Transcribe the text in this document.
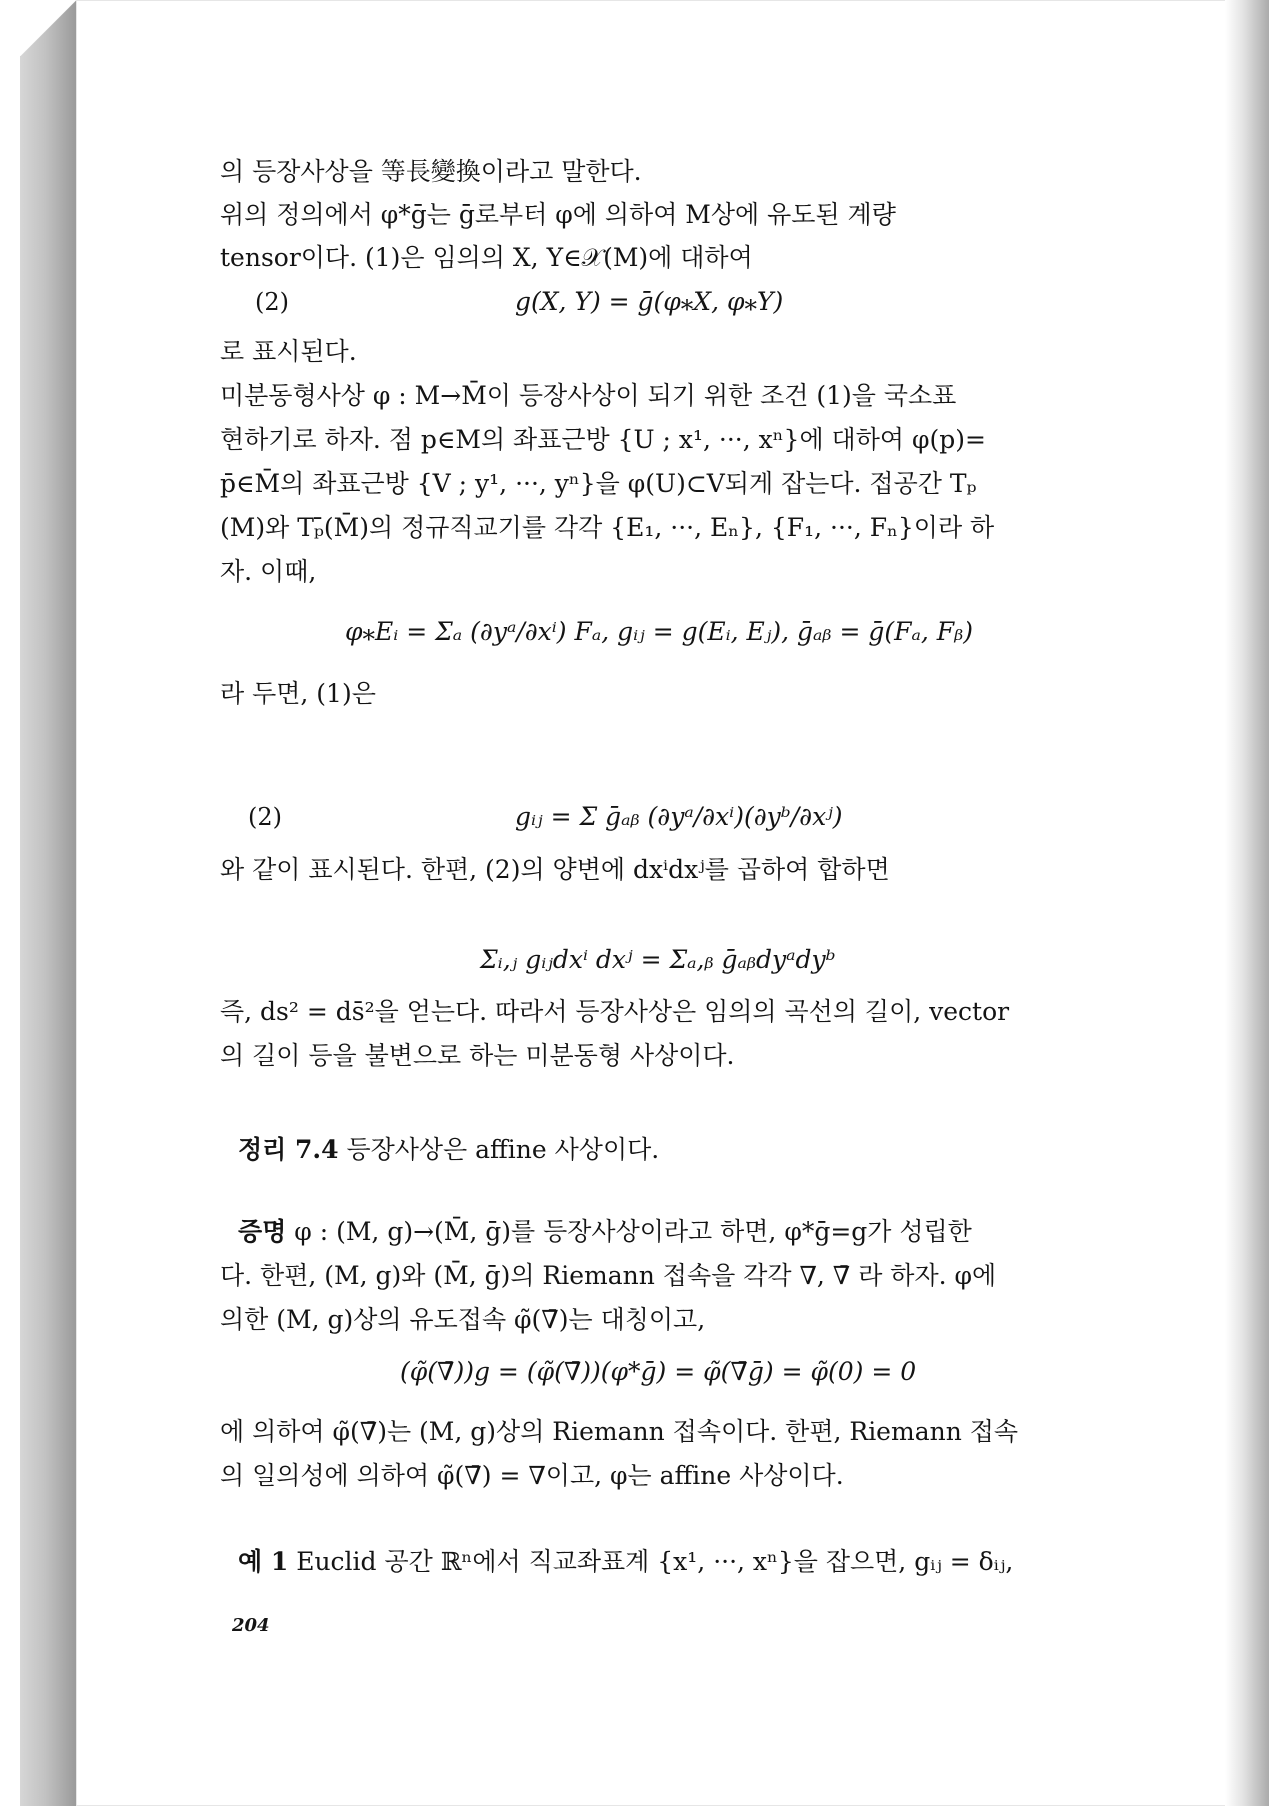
의 등장사상을 等長變換이라고 말한다.
위의 정의에서 φ*ḡ는 ḡ로부터 φ에 의하여 M상에 유도된 계량
tensor이다. (1)은 임의의 X, Y∈𝒳(M)에 대하여
(2)	g(X, Y) = ḡ(φ⁎X, φ⁎Y)
로 표시된다.
미분동형사상 φ : M→M̄이 등장사상이 되기 위한 조건 (1)을 국소표
현하기로 하자. 점 p∈M의 좌표근방 {U ; x¹, ···, xⁿ}에 대하여 φ(p)=
p̄∈M̄의 좌표근방 {V ; y¹, ···, yⁿ}을 φ(U)⊂V되게 잡는다. 접공간 Tₚ
(M)와 Tₚ̄(M̄)의 정규직교기를 각각 {E₁, ···, Eₙ}, {F₁, ···, Fₙ}이라 하
자. 이때,
φ⁎Eᵢ = Σₐ (∂yᵃ/∂xⁱ) Fₐ, gᵢⱼ = g(Eᵢ, Eⱼ), ḡₐᵦ = ḡ(Fₐ, Fᵦ)
라 두면, (1)은
(2)	gᵢⱼ = Σ ḡₐᵦ (∂yᵃ/∂xⁱ)(∂yᵇ/∂xʲ)
와 같이 표시된다. 한편, (2)의 양변에 dxⁱdxʲ를 곱하여 합하면
Σᵢ,ⱼ gᵢⱼdxⁱ dxʲ = Σₐ,ᵦ ḡₐᵦdyᵃdyᵇ
즉, ds² = ds̄²을 얻는다. 따라서 등장사상은 임의의 곡선의 길이, vector
의 길이 등을 불변으로 하는 미분동형 사상이다.
정리 7.4 등장사상은 affine 사상이다.
증명 φ : (M, g)→(M̄, ḡ)를 등장사상이라고 하면, φ*ḡ=g가 성립한
다. 한편, (M, g)와 (M̄, ḡ)의 Riemann 접속을 각각 ∇, ∇̄ 라 하자. φ에
의한 (M, g)상의 유도접속 φ̃(∇̄)는 대칭이고,
(φ̃(∇̄))g = (φ̃(∇̄))(φ*ḡ) = φ̃(∇̄ḡ) = φ̃(0) = 0
에 의하여 φ̃(∇̄)는 (M, g)상의 Riemann 접속이다. 한편, Riemann 접속
의 일의성에 의하여 φ̃(∇̄) = ∇이고, φ는 affine 사상이다.
예 1 Euclid 공간 ℝⁿ에서 직교좌표계 {x¹, ···, xⁿ}을 잡으면, gᵢⱼ = δᵢⱼ,
204
